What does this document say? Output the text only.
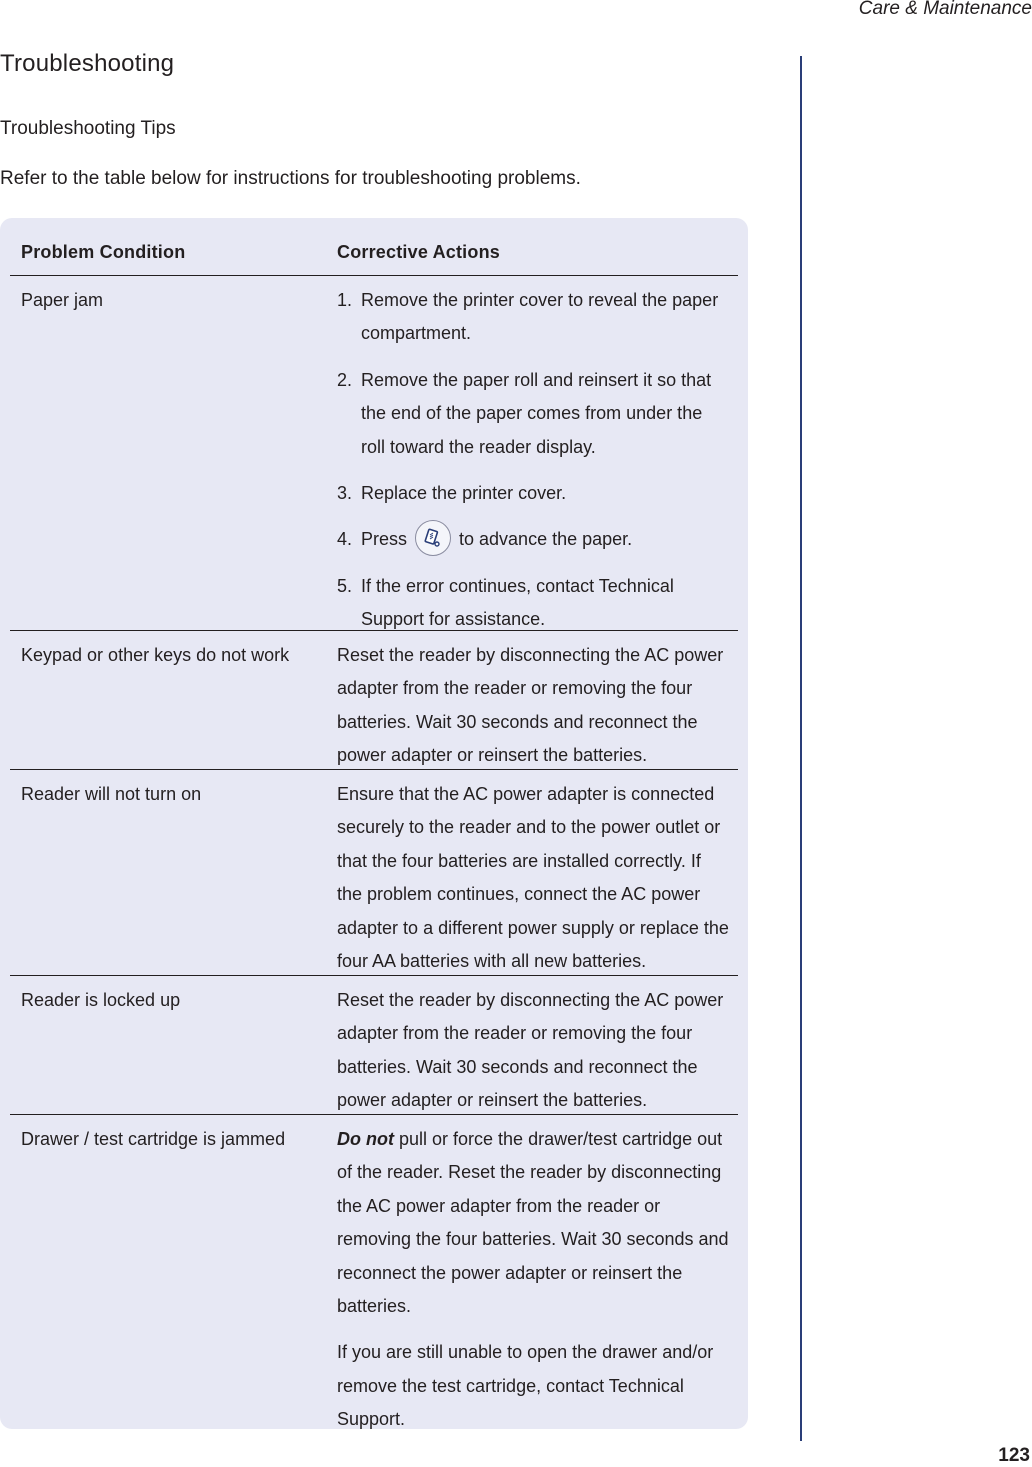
Care & Maintenance
Troubleshooting
Troubleshooting Tips

Refer to the table below for instructions for troubleshooting problems.

Problem Condition	Corrective Actions
Paper jam	1. Remove the printer cover to reveal the paper compartment.
2. Remove the paper roll and reinsert it so that the end of the paper comes from under the roll toward the reader display.
3. Replace the printer cover.
4. Press	to advance the paper.
5. If the error continues, contact Technical Support for assistance.
Keypad or other keys do not work	Reset the reader by disconnecting the AC power adapter from the reader or removing the four batteries. Wait 30 seconds and reconnect the power adapter or reinsert the batteries.

Reader will not turn on	Ensure that the AC power adapter is connected securely to the reader and to the power outlet or that the four batteries are installed correctly. If the problem continues, connect the AC power adapter to a different power supply or replace the four AA batteries with all new batteries.

Reader is locked up	Reset the reader by disconnecting the AC power adapter from the reader or removing the four batteries. Wait 30 seconds and reconnect the power adapter or reinsert the batteries.

Drawer / test cartridge is jammed	Do not pull or force the drawer/test cartridge out of the reader. Reset the reader by disconnecting the AC power adapter from the reader or removing the four batteries. Wait 30 seconds and reconnect the power adapter or reinsert the batteries.

If you are still unable to open the drawer and/or remove the test cartridge, contact Technical Support.

123
